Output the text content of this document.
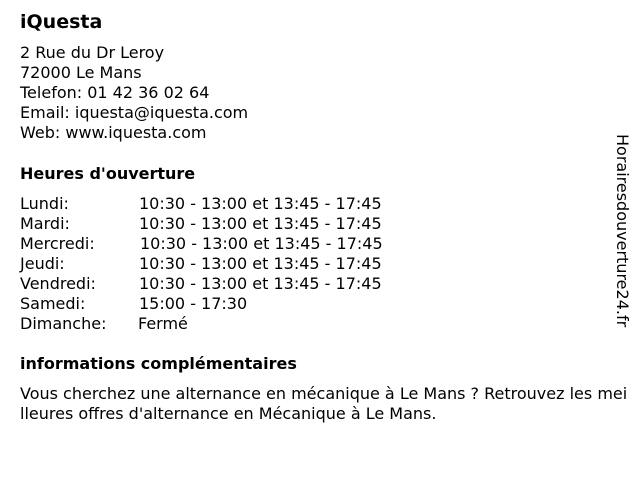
iQuesta
2 Rue du Dr Leroy
72000 Le Mans
Telefon: 01 42 36 02 64
Email: iquesta@iquesta.com
Web: www.iquesta.com
Heures d'ouverture
Lundi:	10:30 - 13:00 et 13:45 - 17:45
Mardi:	10:30 - 13:00 et 13:45 - 17:45
Mercredi:	10:30 - 13:00 et 13:45 - 17:45
Jeudi:	10:30 - 13:00 et 13:45 - 17:45
Vendredi:	10:30 - 13:00 et 13:45 - 17:45
Samedi:	15:00 - 17:30
Dimanche: Fermé
informations complémentaires
Vous cherchez une alternance en mécanique à Le Mans ? Retrouvez les meilleures offres d'alternance en Mécanique à Le Mans.
Horairesdouverture24.fr
